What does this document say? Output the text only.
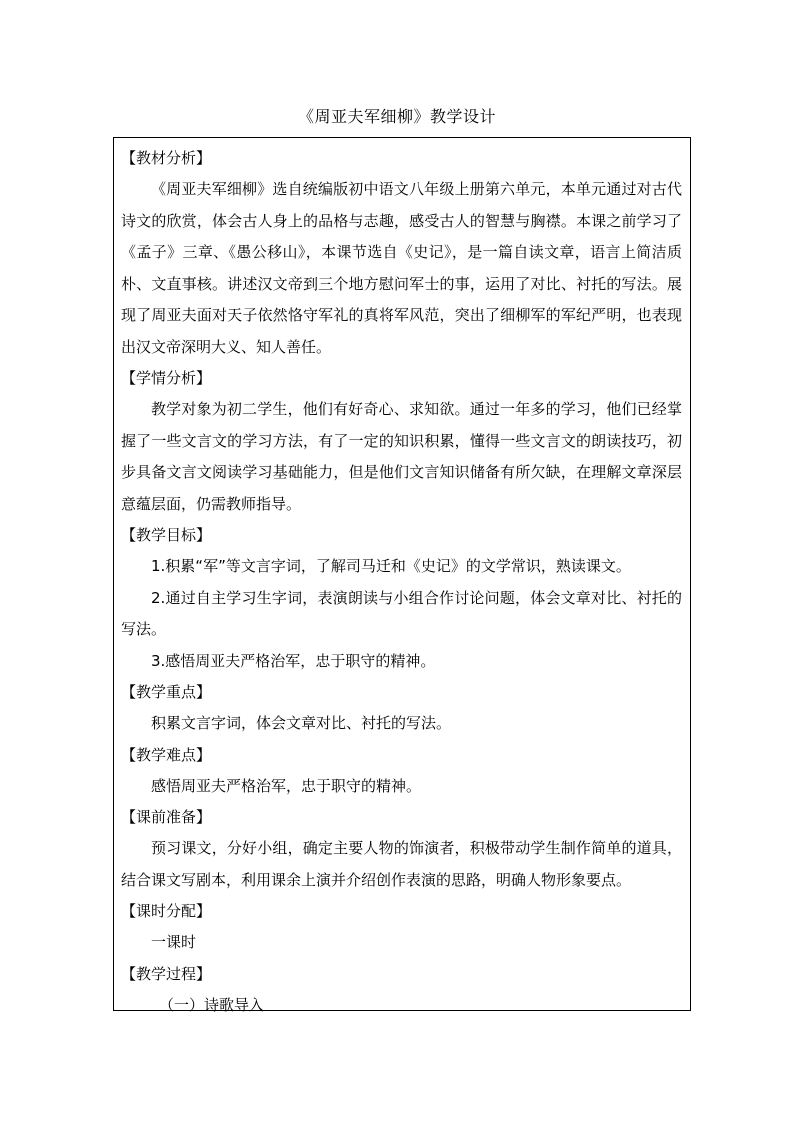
《周亚夫军细柳》教学设计
【教材分析】
《周亚夫军细柳》选自统编版初中语文八年级上册第六单元，本单元通过对古代诗文的欣赏，体会古人身上的品格与志趣，感受古人的智慧与胸襟。本课之前学习了《孟子》三章、《愚公移山》，本课节选自《史记》，是一篇自读文章，语言上简洁质朴、文直事核。讲述汉文帝到三个地方慰问军士的事，运用了对比、衬托的写法。展现了周亚夫面对天子依然恪守军礼的真将军风范，突出了细柳军的军纪严明，也表现出汉文帝深明大义、知人善任。
【学情分析】
教学对象为初二学生，他们有好奇心、求知欲。通过一年多的学习，他们已经掌握了一些文言文的学习方法，有了一定的知识积累，懂得一些文言文的朗读技巧，初步具备文言文阅读学习基础能力，但是他们文言知识储备有所欠缺，在理解文章深层意蕴层面，仍需教师指导。
【教学目标】
1.积累“军”等文言字词，了解司马迁和《史记》的文学常识，熟读课文。
2.通过自主学习生字词，表演朗读与小组合作讨论问题，体会文章对比、衬托的写法。
3.感悟周亚夫严格治军，忠于职守的精神。
【教学重点】
积累文言字词，体会文章对比、衬托的写法。
【教学难点】
感悟周亚夫严格治军，忠于职守的精神。
【课前准备】
预习课文，分好小组，确定主要人物的饰演者，积极带动学生制作简单的道具，结合课文写剧本，利用课余上演并介绍创作表演的思路，明确人物形象要点。
【课时分配】
一课时
【教学过程】
（一）诗歌导入
